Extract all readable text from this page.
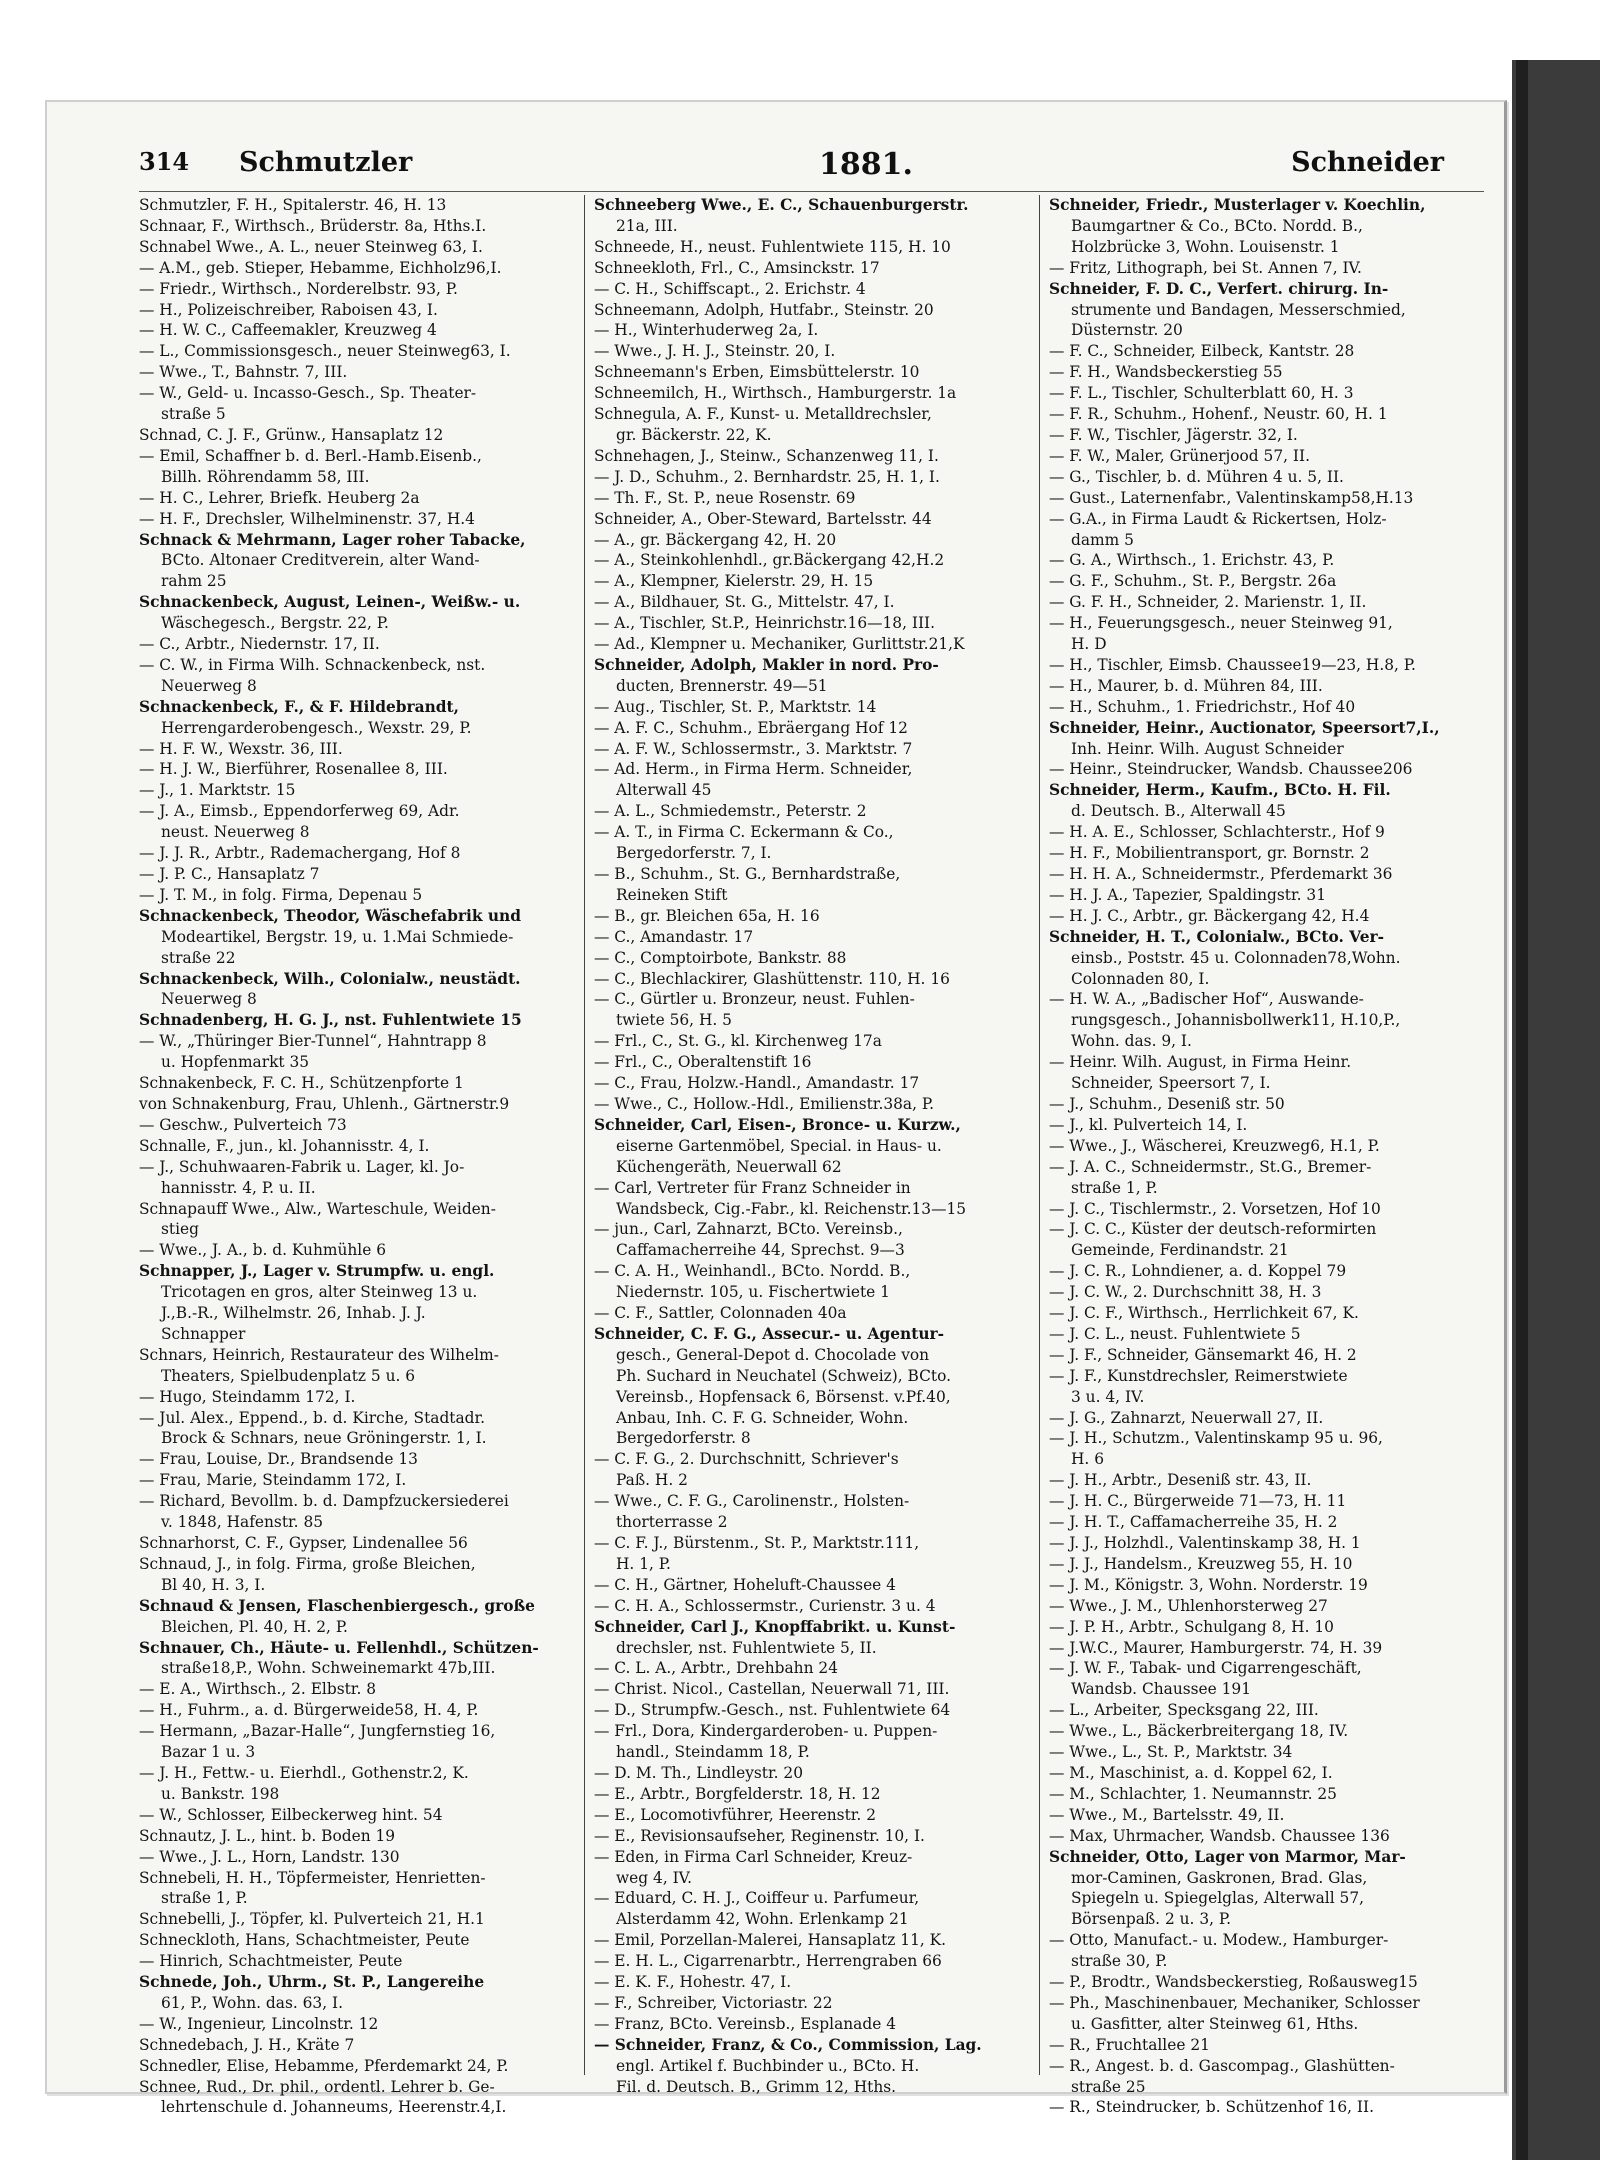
314 Schmutzler	1881.	Schneider
Schmutzler, F. H., Spitalerstr. 46, H. 13
Schnaar, F., Wirthsch., Brüderstr. 8a, Hths.I.
Schnabel Wwe., A. L., neuer Steinweg 63, I.
— A.M., geb. Stieper, Hebamme, Eichholz96,I.
— Friedr., Wirthsch., Norderelbstr. 93, P.
— H., Polizeischreiber, Raboisen 43, I.
— H. W. C., Caffeemakler, Kreuzweg 4
— L., Commissionsgesch., neuer Steinweg63, I.
— Wwe., T., Bahnstr. 7, III.
— W., Geld- u. Incasso-Gesch., Sp. Theater-
straße 5
Schnad, C. J. F., Grünw., Hansaplatz 12
— Emil, Schaffner b. d. Berl.-Hamb.Eisenb.,
Billh. Röhrendamm 58, III.
— H. C., Lehrer, Briefk. Heuberg 2a
— H. F., Drechsler, Wilhelminenstr. 37, H.4
Schnack & Mehrmann, Lager roher Tabacke,
BCto. Altonaer Creditverein, alter Wand-
rahm 25
Schnackenbeck, August, Leinen-, Weißw.- u.
Wäschegesch., Bergstr. 22, P.
— C., Arbtr., Niedernstr. 17, II.
— C. W., in Firma Wilh. Schnackenbeck, nst.
Neuerweg 8
Schnackenbeck, F., & F. Hildebrandt,
Herrengarderobengesch., Wexstr. 29, P.
— H. F. W., Wexstr. 36, III.
— H. J. W., Bierführer, Rosenallee 8, III.
— J., 1. Marktstr. 15
— J. A., Eimsb., Eppendorferweg 69, Adr.
neust. Neuerweg 8
— J. J. R., Arbtr., Rademachergang, Hof 8
— J. P. C., Hansaplatz 7
— J. T. M., in folg. Firma, Depenau 5
Schnackenbeck, Theodor, Wäschefabrik und
Modeartikel, Bergstr. 19, u. 1.Mai Schmiede-
straße 22
Schnackenbeck, Wilh., Colonialw., neustädt.
Neuerweg 8
Schnadenberg, H. G. J., nst. Fuhlentwiete 15
— W., „Thüringer Bier-Tunnel“, Hahntrapp 8
u. Hopfenmarkt 35
Schnakenbeck, F. C. H., Schützenpforte 1
von Schnakenburg, Frau, Uhlenh., Gärtnerstr.9
— Geschw., Pulverteich 73
Schnalle, F., jun., kl. Johannisstr. 4, I.
— J., Schuhwaaren-Fabrik u. Lager, kl. Jo-
hannisstr. 4, P. u. II.
Schnapauff Wwe., Alw., Warteschule, Weiden-
stieg
— Wwe., J. A., b. d. Kuhmühle 6
Schnapper, J., Lager v. Strumpfw. u. engl.
Tricotagen en gros, alter Steinweg 13 u.
J.,B.-R., Wilhelmstr. 26, Inhab. J. J.
Schnapper
Schnars, Heinrich, Restaurateur des Wilhelm-
Theaters, Spielbudenplatz 5 u. 6
— Hugo, Steindamm 172, I.
— Jul. Alex., Eppend., b. d. Kirche, Stadtadr.
Brock & Schnars, neue Gröningerstr. 1, I.
— Frau, Louise, Dr., Brandsende 13
— Frau, Marie, Steindamm 172, I.
— Richard, Bevollm. b. d. Dampfzuckersiederei
v. 1848, Hafenstr. 85
Schnarhorst, C. F., Gypser, Lindenallee 56
Schnaud, J., in folg. Firma, große Bleichen,
Bl 40, H. 3, I.
Schnaud & Jensen, Flaschenbiergesch., große
Bleichen, Pl. 40, H. 2, P.
Schnauer, Ch., Häute- u. Fellenhdl., Schützen-
straße18,P., Wohn. Schweinemarkt 47b,III.
— E. A., Wirthsch., 2. Elbstr. 8
— H., Fuhrm., a. d. Bürgerweide58, H. 4, P.
— Hermann, „Bazar-Halle“, Jungfernstieg 16,
Bazar 1 u. 3
— J. H., Fettw.- u. Eierhdl., Gothenstr.2, K.
u. Bankstr. 198
— W., Schlosser, Eilbeckerweg hint. 54
Schnautz, J. L., hint. b. Boden 19
— Wwe., J. L., Horn, Landstr. 130
Schnebeli, H. H., Töpfermeister, Henrietten-
straße 1, P.
Schnebelli, J., Töpfer, kl. Pulverteich 21, H.1
Schneckloth, Hans, Schachtmeister, Peute
— Hinrich, Schachtmeister, Peute
Schnede, Joh., Uhrm., St. P., Langereihe
61, P., Wohn. das. 63, I.
— W., Ingenieur, Lincolnstr. 12
Schnedebach, J. H., Kräte 7
Schnedler, Elise, Hebamme, Pferdemarkt 24, P.
Schnee, Rud., Dr. phil., ordentl. Lehrer b. Ge-
lehrtenschule d. Johanneums, Heerenstr.4,I.
Schneeberg Wwe., E. C., Schauenburgerstr.
21a, III.
Schneede, H., neust. Fuhlentwiete 115, H. 10
Schneekloth, Frl., C., Amsinckstr. 17
— C. H., Schiffscapt., 2. Erichstr. 4
Schneemann, Adolph, Hutfabr., Steinstr. 20
— H., Winterhuderweg 2a, I.
— Wwe., J. H. J., Steinstr. 20, I.
Schneemann's Erben, Eimsbüttelerstr. 10
Schneemilch, H., Wirthsch., Hamburgerstr. 1a
Schnegula, A. F., Kunst- u. Metalldrechsler,
gr. Bäckerstr. 22, K.
Schnehagen, J., Steinw., Schanzenweg 11, I.
— J. D., Schuhm., 2. Bernhardstr. 25, H. 1, I.
— Th. F., St. P., neue Rosenstr. 69
Schneider, A., Ober-Steward, Bartelsstr. 44
— A., gr. Bäckergang 42, H. 20
— A., Steinkohlenhdl., gr.Bäckergang 42,H.2
— A., Klempner, Kielerstr. 29, H. 15
— A., Bildhauer, St. G., Mittelstr. 47, I.
— A., Tischler, St.P., Heinrichstr.16—18, III.
— Ad., Klempner u. Mechaniker, Gurlittstr.21,K
Schneider, Adolph, Makler in nord. Pro-
ducten, Brennerstr. 49—51
— Aug., Tischler, St. P., Marktstr. 14
— A. F. C., Schuhm., Ebräergang Hof 12
— A. F. W., Schlossermstr., 3. Marktstr. 7
— Ad. Herm., in Firma Herm. Schneider,
Alterwall 45
— A. L., Schmiedemstr., Peterstr. 2
— A. T., in Firma C. Eckermann & Co.,
Bergedorferstr. 7, I.
— B., Schuhm., St. G., Bernhardstraße,
Reineken Stift
— B., gr. Bleichen 65a, H. 16
— C., Amandastr. 17
— C., Comptoirbote, Bankstr. 88
— C., Blechlackirer, Glashüttenstr. 110, H. 16
— C., Gürtler u. Bronzeur, neust. Fuhlen-
twiete 56, H. 5
— Frl., C., St. G., kl. Kirchenweg 17a
— Frl., C., Oberaltenstift 16
— C., Frau, Holzw.-Handl., Amandastr. 17
— Wwe., C., Hollow.-Hdl., Emilienstr.38a, P.
Schneider, Carl, Eisen-, Bronce- u. Kurzw.,
eiserne Gartenmöbel, Special. in Haus- u.
Küchengeräth, Neuerwall 62
— Carl, Vertreter für Franz Schneider in
Wandsbeck, Cig.-Fabr., kl. Reichenstr.13—15
— jun., Carl, Zahnarzt, BCto. Vereinsb.,
Caffamacherreihe 44, Sprechst. 9—3
— C. A. H., Weinhandl., BCto. Nordd. B.,
Niedernstr. 105, u. Fischertwiete 1
— C. F., Sattler, Colonnaden 40a
Schneider, C. F. G., Assecur.- u. Agentur-
gesch., General-Depot d. Chocolade von
Ph. Suchard in Neuchatel (Schweiz), BCto.
Vereinsb., Hopfensack 6, Börsenst. v.Pf.40,
Anbau, Inh. C. F. G. Schneider, Wohn.
Bergedorferstr. 8
— C. F. G., 2. Durchschnitt, Schriever's
Paß. H. 2
— Wwe., C. F. G., Carolinenstr., Holsten-
thorterrasse 2
— C. F. J., Bürstenm., St. P., Marktstr.111,
H. 1, P.
— C. H., Gärtner, Hoheluft-Chaussee 4
— C. H. A., Schlossermstr., Curienstr. 3 u. 4
Schneider, Carl J., Knopffabrikt. u. Kunst-
drechsler, nst. Fuhlentwiete 5, II.
— C. L. A., Arbtr., Drehbahn 24
— Christ. Nicol., Castellan, Neuerwall 71, III.
— D., Strumpfw.-Gesch., nst. Fuhlentwiete 64
— Frl., Dora, Kindergarderoben- u. Puppen-
handl., Steindamm 18, P.
— D. M. Th., Lindleystr. 20
— E., Arbtr., Borgfelderstr. 18, H. 12
— E., Locomotivführer, Heerenstr. 2
— E., Revisionsaufseher, Reginenstr. 10, I.
— Eden, in Firma Carl Schneider, Kreuz-
weg 4, IV.
— Eduard, C. H. J., Coiffeur u. Parfumeur,
Alsterdamm 42, Wohn. Erlenkamp 21
— Emil, Porzellan-Malerei, Hansaplatz 11, K.
— E. H. L., Cigarrenarbtr., Herrengraben 66
— E. K. F., Hohestr. 47, I.
— F., Schreiber, Victoriastr. 22
— Franz, BCto. Vereinsb., Esplanade 4
— Schneider, Franz, & Co., Commission, Lag.
engl. Artikel f. Buchbinder u., BCto. H.
Fil. d. Deutsch. B., Grimm 12, Hths.
Schneider, Friedr., Musterlager v. Koechlin,
Baumgartner & Co., BCto. Nordd. B.,
Holzbrücke 3, Wohn. Louisenstr. 1
— Fritz, Lithograph, bei St. Annen 7, IV.
Schneider, F. D. C., Verfert. chirurg. In-
strumente und Bandagen, Messerschmied,
Düsternstr. 20
— F. C., Schneider, Eilbeck, Kantstr. 28
— F. H., Wandsbeckerstieg 55
— F. L., Tischler, Schulterblatt 60, H. 3
— F. R., Schuhm., Hohenf., Neustr. 60, H. 1
— F. W., Tischler, Jägerstr. 32, I.
— F. W., Maler, Grünerjood 57, II.
— G., Tischler, b. d. Mühren 4 u. 5, II.
— Gust., Laternenfabr., Valentinskamp58,H.13
— G.A., in Firma Laudt & Rickertsen, Holz-
damm 5
— G. A., Wirthsch., 1. Erichstr. 43, P.
— G. F., Schuhm., St. P., Bergstr. 26a
— G. F. H., Schneider, 2. Marienstr. 1, II.
— H., Feuerungsgesch., neuer Steinweg 91,
H. D
— H., Tischler, Eimsb. Chaussee19—23, H.8, P.
— H., Maurer, b. d. Mühren 84, III.
— H., Schuhm., 1. Friedrichstr., Hof 40
Schneider, Heinr., Auctionator, Speersort7,I.,
Inh. Heinr. Wilh. August Schneider
— Heinr., Steindrucker, Wandsb. Chaussee206
Schneider, Herm., Kaufm., BCto. H. Fil.
d. Deutsch. B., Alterwall 45
— H. A. E., Schlosser, Schlachterstr., Hof 9
— H. F., Mobilientransport, gr. Bornstr. 2
— H. H. A., Schneidermstr., Pferdemarkt 36
— H. J. A., Tapezier, Spaldingstr. 31
— H. J. C., Arbtr., gr. Bäckergang 42, H.4
Schneider, H. T., Colonialw., BCto. Ver-
einsb., Poststr. 45 u. Colonnaden78,Wohn.
Colonnaden 80, I.
— H. W. A., „Badischer Hof“, Auswande-
rungsgesch., Johannisbollwerk11, H.10,P.,
Wohn. das. 9, I.
— Heinr. Wilh. August, in Firma Heinr.
Schneider, Speersort 7, I.
— J., Schuhm., Deseniß str. 50
— J., kl. Pulverteich 14, I.
— Wwe., J., Wäscherei, Kreuzweg6, H.1, P.
— J. A. C., Schneidermstr., St.G., Bremer-
straße 1, P.
— J. C., Tischlermstr., 2. Vorsetzen, Hof 10
— J. C. C., Küster der deutsch-reformirten
Gemeinde, Ferdinandstr. 21
— J. C. R., Lohndiener, a. d. Koppel 79
— J. C. W., 2. Durchschnitt 38, H. 3
— J. C. F., Wirthsch., Herrlichkeit 67, K.
— J. C. L., neust. Fuhlentwiete 5
— J. F., Schneider, Gänsemarkt 46, H. 2
— J. F., Kunstdrechsler, Reimerstwiete
3 u. 4, IV.
— J. G., Zahnarzt, Neuerwall 27, II.
— J. H., Schutzm., Valentinskamp 95 u. 96,
H. 6
— J. H., Arbtr., Deseniß str. 43, II.
— J. H. C., Bürgerweide 71—73, H. 11
— J. H. T., Caffamacherreihe 35, H. 2
— J. J., Holzhdl., Valentinskamp 38, H. 1
— J. J., Handelsm., Kreuzweg 55, H. 10
— J. M., Königstr. 3, Wohn. Norderstr. 19
— Wwe., J. M., Uhlenhorsterweg 27
— J. P. H., Arbtr., Schulgang 8, H. 10
— J.W.C., Maurer, Hamburgerstr. 74, H. 39
— J. W. F., Tabak- und Cigarrengeschäft,
Wandsb. Chaussee 191
— L., Arbeiter, Specksgang 22, III.
— Wwe., L., Bäckerbreitergang 18, IV.
— Wwe., L., St. P., Marktstr. 34
— M., Maschinist, a. d. Koppel 62, I.
— M., Schlachter, 1. Neumannstr. 25
— Wwe., M., Bartelsstr. 49, II.
— Max, Uhrmacher, Wandsb. Chaussee 136
Schneider, Otto, Lager von Marmor, Mar-
mor-Caminen, Gaskronen, Brad. Glas,
Spiegeln u. Spiegelglas, Alterwall 57,
Börsenpaß. 2 u. 3, P.
— Otto, Manufact.- u. Modew., Hamburger-
straße 30, P.
— P., Brodtr., Wandsbeckerstieg, Roßausweg15
— Ph., Maschinenbauer, Mechaniker, Schlosser
u. Gasfitter, alter Steinweg 61, Hths.
— R., Fruchtallee 21
— R., Angest. b. d. Gascompag., Glashütten-
straße 25
— R., Steindrucker, b. Schützenhof 16, II.
